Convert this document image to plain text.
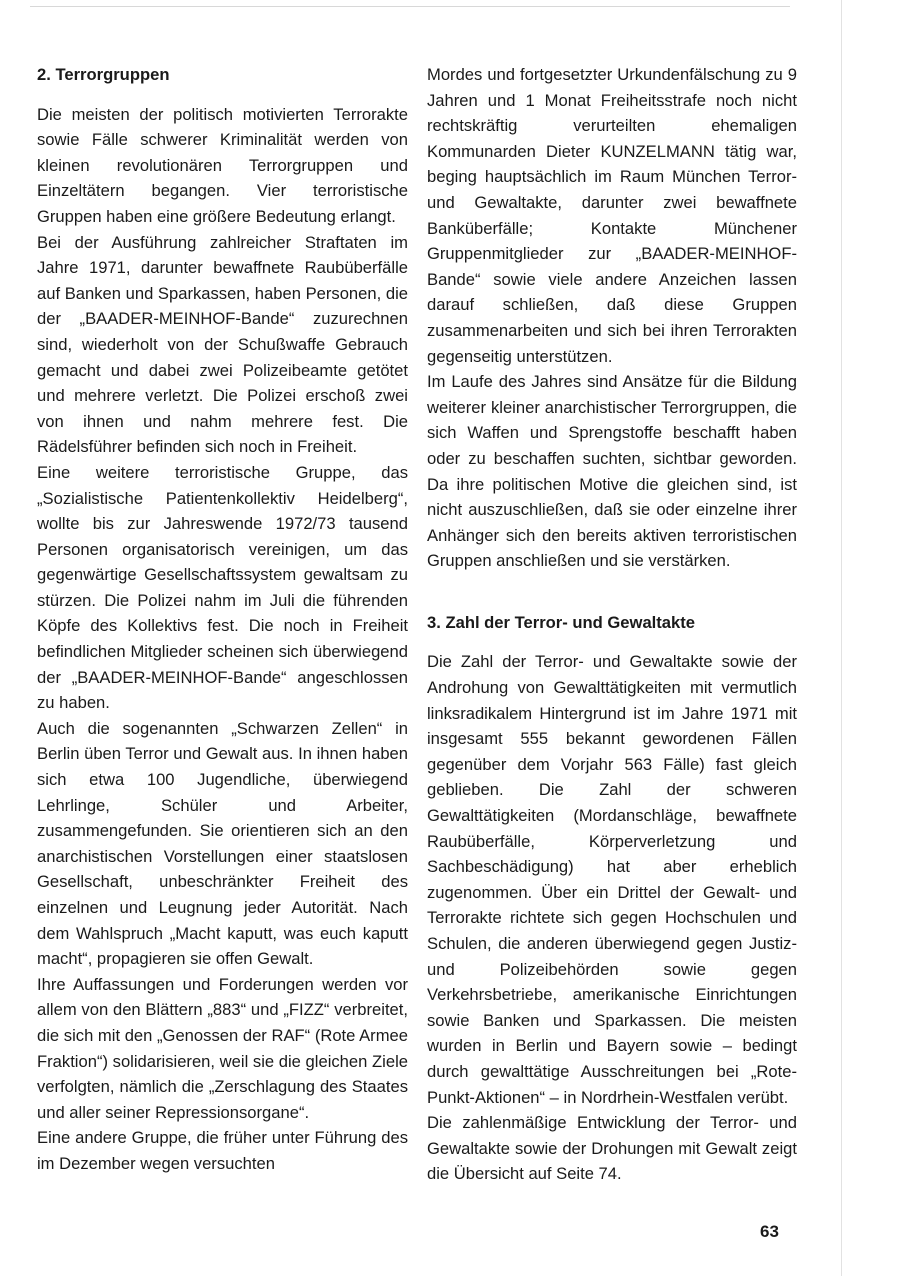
2. Terrorgruppen

Die meisten der politisch motivierten Terrorakte sowie Fälle schwerer Kriminalität werden von kleinen revolutionären Terrorgruppen und Einzeltätern begangen. Vier terroristische Gruppen haben eine größere Bedeutung erlangt.

Bei der Ausführung zahlreicher Straftaten im Jahre 1971, darunter bewaffnete Raubüberfälle auf Banken und Sparkassen, haben Personen, die der „BAADER-MEINHOF-Bande“ zuzurechnen sind, wiederholt von der Schußwaffe Gebrauch gemacht und dabei zwei Polizeibeamte getötet und mehrere verletzt. Die Polizei erschoß zwei von ihnen und nahm mehrere fest. Die Rädelsführer befinden sich noch in Freiheit.

Eine weitere terroristische Gruppe, das „Sozialistische Patientenkollektiv Heidelberg“, wollte bis zur Jahreswende 1972/73 tausend Personen organisatorisch vereinigen, um das gegenwärtige Gesellschaftssystem gewaltsam zu stürzen. Die Polizei nahm im Juli die führenden Köpfe des Kollektivs fest. Die noch in Freiheit befindlichen Mitglieder scheinen sich überwiegend der „BAADER-MEINHOF-Bande“ angeschlossen zu haben.

Auch die sogenannten „Schwarzen Zellen“ in Berlin üben Terror und Gewalt aus. In ihnen haben sich etwa 100 Jugendliche, überwiegend Lehrlinge, Schüler und Arbeiter, zusammengefunden. Sie orientieren sich an den anarchistischen Vorstellungen einer staatslosen Gesellschaft, unbeschränkter Freiheit des einzelnen und Leugnung jeder Autorität. Nach dem Wahlspruch „Macht kaputt, was euch kaputt macht“, propagieren sie offen Gewalt.

Ihre Auffassungen und Forderungen werden vor allem von den Blättern „883“ und „FIZZ“ verbreitet, die sich mit den „Genossen der RAF“ (Rote Armee Fraktion“) solidarisieren, weil sie die gleichen Ziele verfolgten, nämlich die „Zerschlagung des Staates und aller seiner Repressionsorgane“.

Eine andere Gruppe, die früher unter Führung des im Dezember wegen versuchten

Mordes und fortgesetzter Urkundenfälschung zu 9 Jahren und 1 Monat Freiheitsstrafe noch nicht rechtskräftig verurteilten ehemaligen Kommunarden Dieter KUNZELMANN tätig war, beging hauptsächlich im Raum München Terror- und Gewaltakte, darunter zwei bewaffnete Banküberfälle; Kontakte Münchener Gruppenmitglieder zur „BAADER-MEINHOF-Bande“ sowie viele andere Anzeichen lassen darauf schließen, daß diese Gruppen zusammenarbeiten und sich bei ihren Terrorakten gegenseitig unterstützen.

Im Laufe des Jahres sind Ansätze für die Bildung weiterer kleiner anarchistischer Terrorgruppen, die sich Waffen und Sprengstoffe beschafft haben oder zu beschaffen suchten, sichtbar geworden. Da ihre politischen Motive die gleichen sind, ist nicht auszuschließen, daß sie oder einzelne ihrer Anhänger sich den bereits aktiven terroristischen Gruppen anschließen und sie verstärken.

3. Zahl der Terror- und Gewaltakte

Die Zahl der Terror- und Gewaltakte sowie der Androhung von Gewalttätigkeiten mit vermutlich linksradikalem Hintergrund ist im Jahre 1971 mit insgesamt 555 bekannt gewordenen Fällen gegenüber dem Vorjahr 563 Fälle) fast gleich geblieben. Die Zahl der schweren Gewalttätigkeiten (Mordanschläge, bewaffnete Raubüberfälle, Körperverletzung und Sachbeschädigung) hat aber erheblich zugenommen. Über ein Drittel der Gewalt- und Terrorakte richtete sich gegen Hochschulen und Schulen, die anderen überwiegend gegen Justiz- und Polizeibehörden sowie gegen Verkehrsbetriebe, amerikanische Einrichtungen sowie Banken und Sparkassen. Die meisten wurden in Berlin und Bayern sowie – bedingt durch gewalttätige Ausschreitungen bei „Rote-Punkt-Aktionen“ – in Nordrhein-Westfalen verübt.

Die zahlenmäßige Entwicklung der Terror- und Gewaltakte sowie der Drohungen mit Gewalt zeigt die Übersicht auf Seite 74.

63
